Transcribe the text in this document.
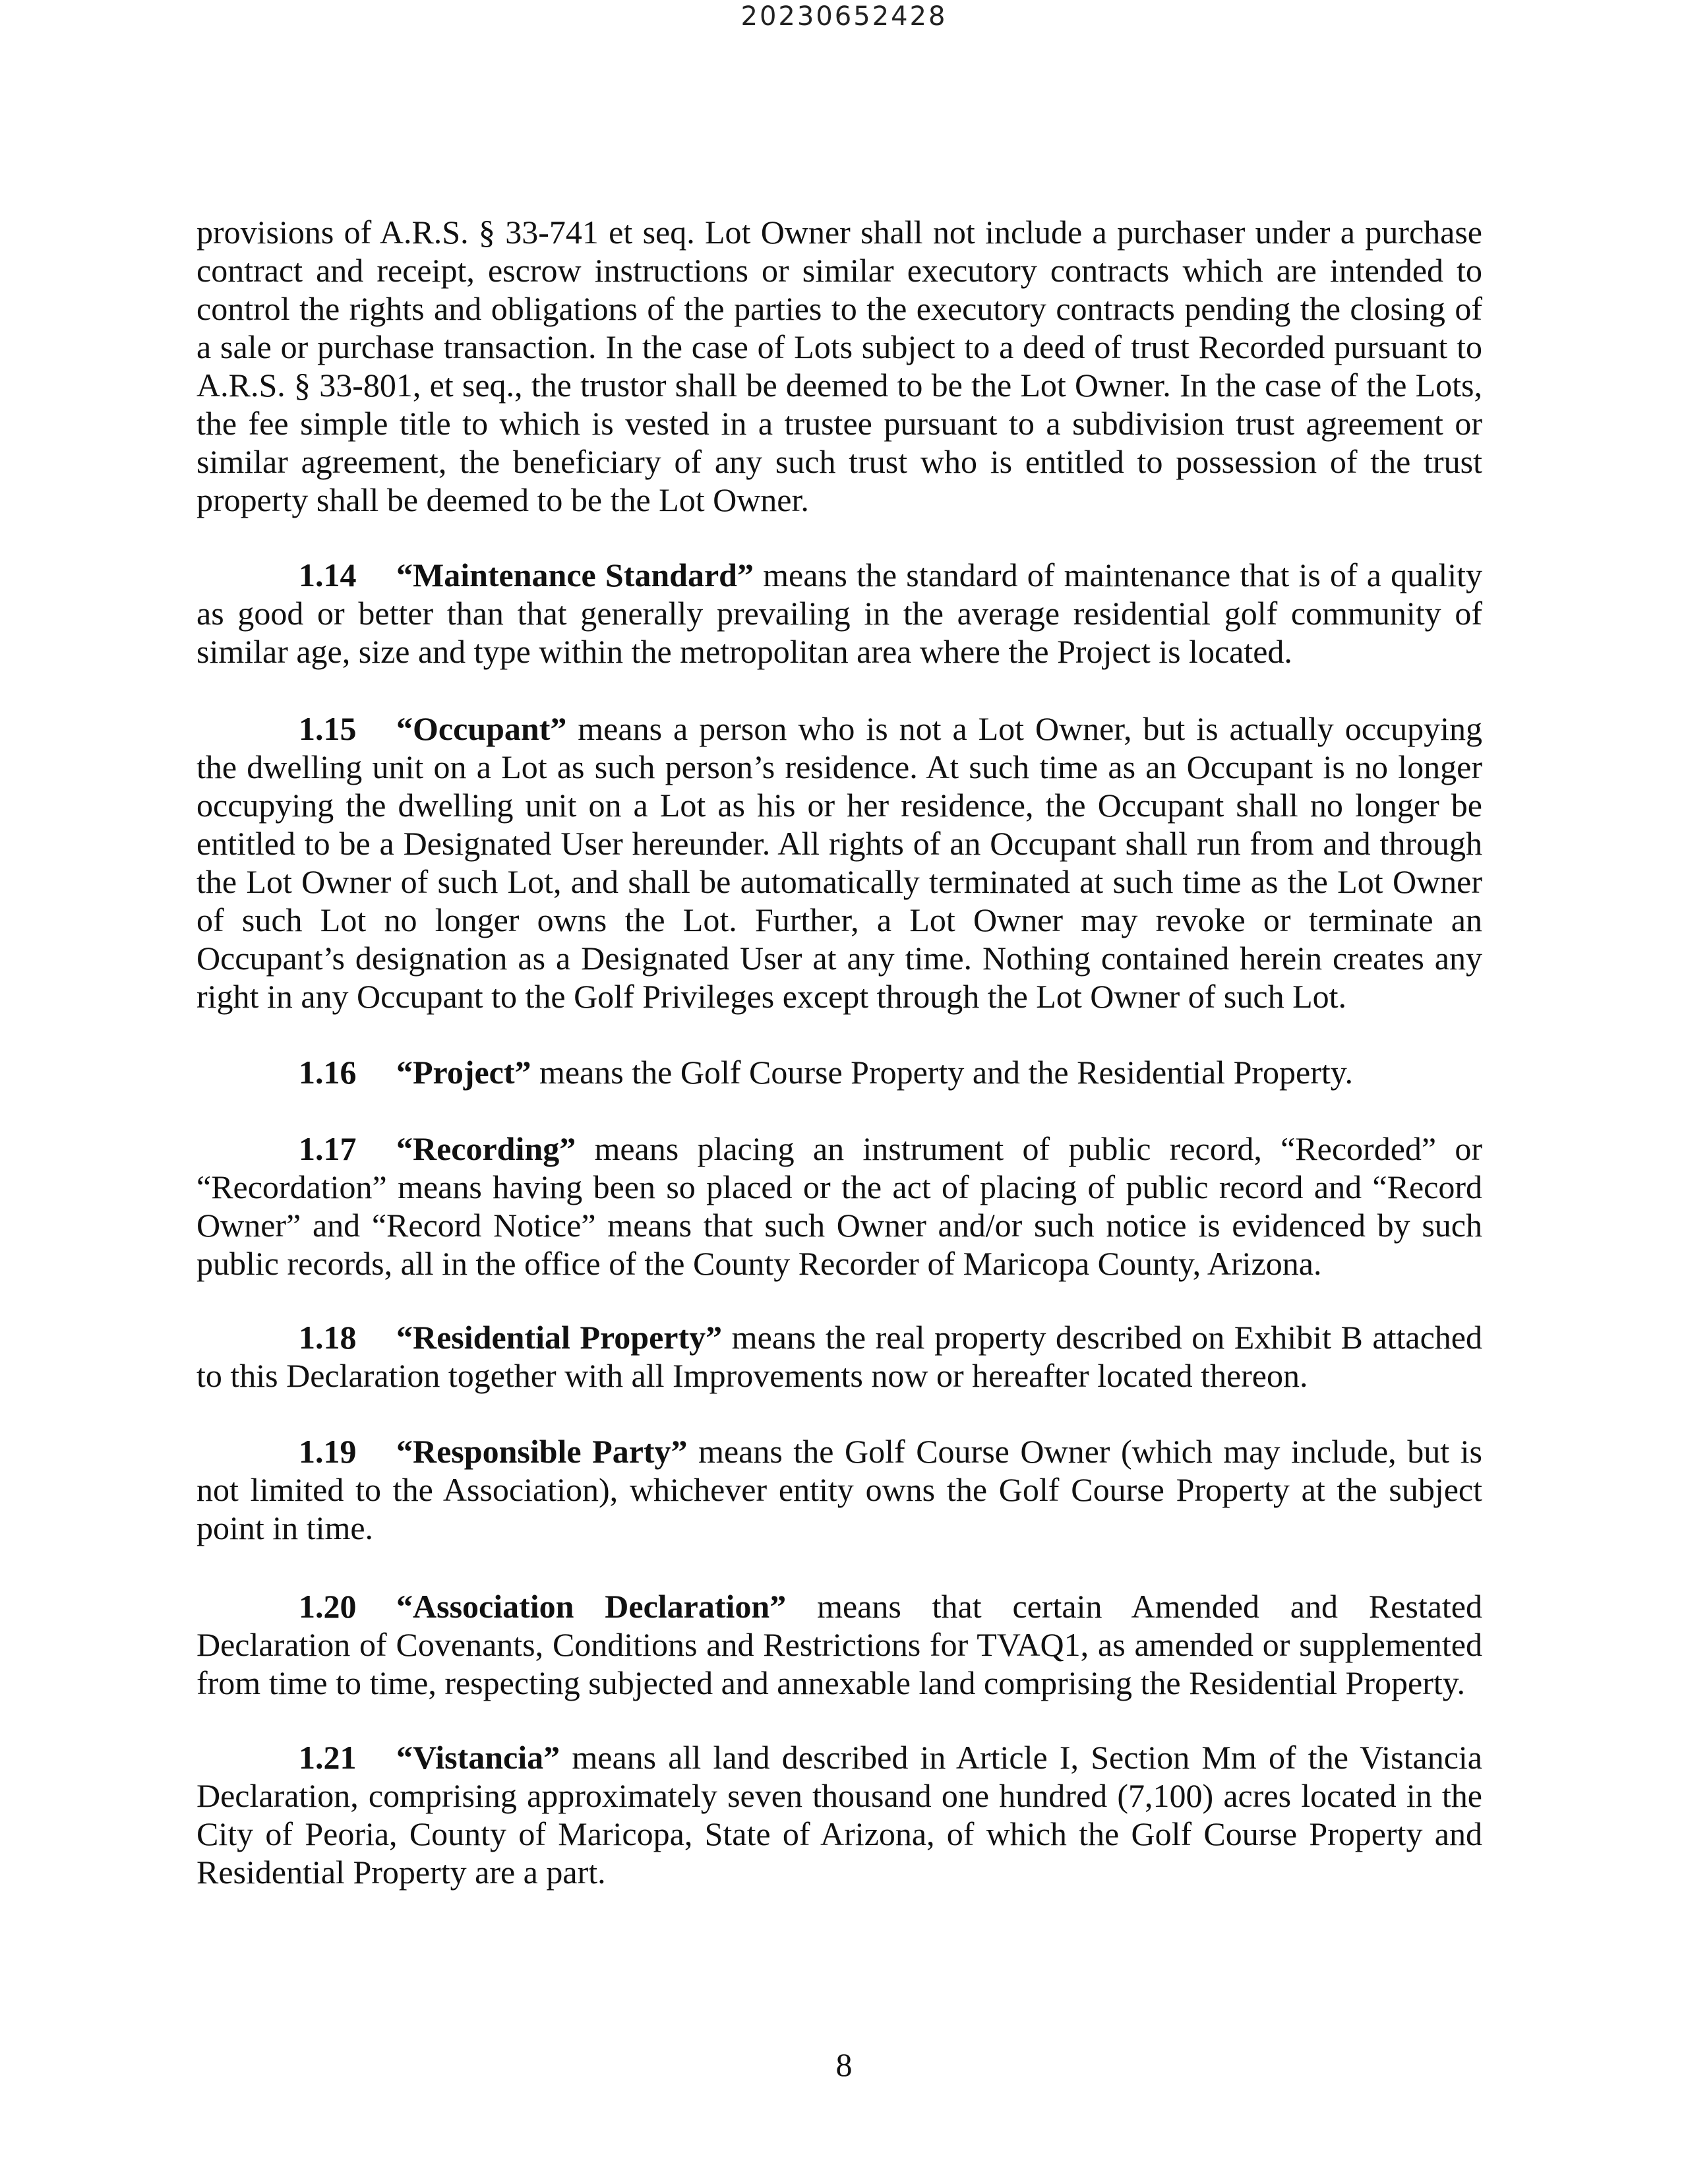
20230652428

provisions of A.R.S. § 33-741 et seq. Lot Owner shall not include a purchaser under a purchase contract and receipt, escrow instructions or similar executory contracts which are intended to control the rights and obligations of the parties to the executory contracts pending the closing of a sale or purchase transaction. In the case of Lots subject to a deed of trust Recorded pursuant to A.R.S. § 33-801, et seq., the trustor shall be deemed to be the Lot Owner. In the case of the Lots, the fee simple title to which is vested in a trustee pursuant to a subdivision trust agreement or similar agreement, the beneficiary of any such trust who is entitled to possession of the trust property shall be deemed to be the Lot Owner.

1.14 “Maintenance Standard” means the standard of maintenance that is of a quality as good or better than that generally prevailing in the average residential golf community of similar age, size and type within the metropolitan area where the Project is located.

1.15 “Occupant” means a person who is not a Lot Owner, but is actually occupying the dwelling unit on a Lot as such person’s residence. At such time as an Occupant is no longer occupying the dwelling unit on a Lot as his or her residence, the Occupant shall no longer be entitled to be a Designated User hereunder. All rights of an Occupant shall run from and through the Lot Owner of such Lot, and shall be automatically terminated at such time as the Lot Owner of such Lot no longer owns the Lot. Further, a Lot Owner may revoke or terminate an Occupant’s designation as a Designated User at any time. Nothing contained herein creates any right in any Occupant to the Golf Privileges except through the Lot Owner of such Lot.

1.16 “Project” means the Golf Course Property and the Residential Property.

1.17 “Recording” means placing an instrument of public record, “Recorded” or “Recordation” means having been so placed or the act of placing of public record and “Record Owner” and “Record Notice” means that such Owner and/or such notice is evidenced by such public records, all in the office of the County Recorder of Maricopa County, Arizona.

1.18 “Residential Property” means the real property described on Exhibit B attached to this Declaration together with all Improvements now or hereafter located thereon.

1.19 “Responsible Party” means the Golf Course Owner (which may include, but is not limited to the Association), whichever entity owns the Golf Course Property at the subject point in time.

1.20 “Association Declaration” means that certain Amended and Restated Declaration of Covenants, Conditions and Restrictions for TVAQ1, as amended or supplemented from time to time, respecting subjected and annexable land comprising the Residential Property.

1.21 “Vistancia” means all land described in Article I, Section Mm of the Vistancia Declaration, comprising approximately seven thousand one hundred (7,100) acres located in the City of Peoria, County of Maricopa, State of Arizona, of which the Golf Course Property and Residential Property are a part.

8
